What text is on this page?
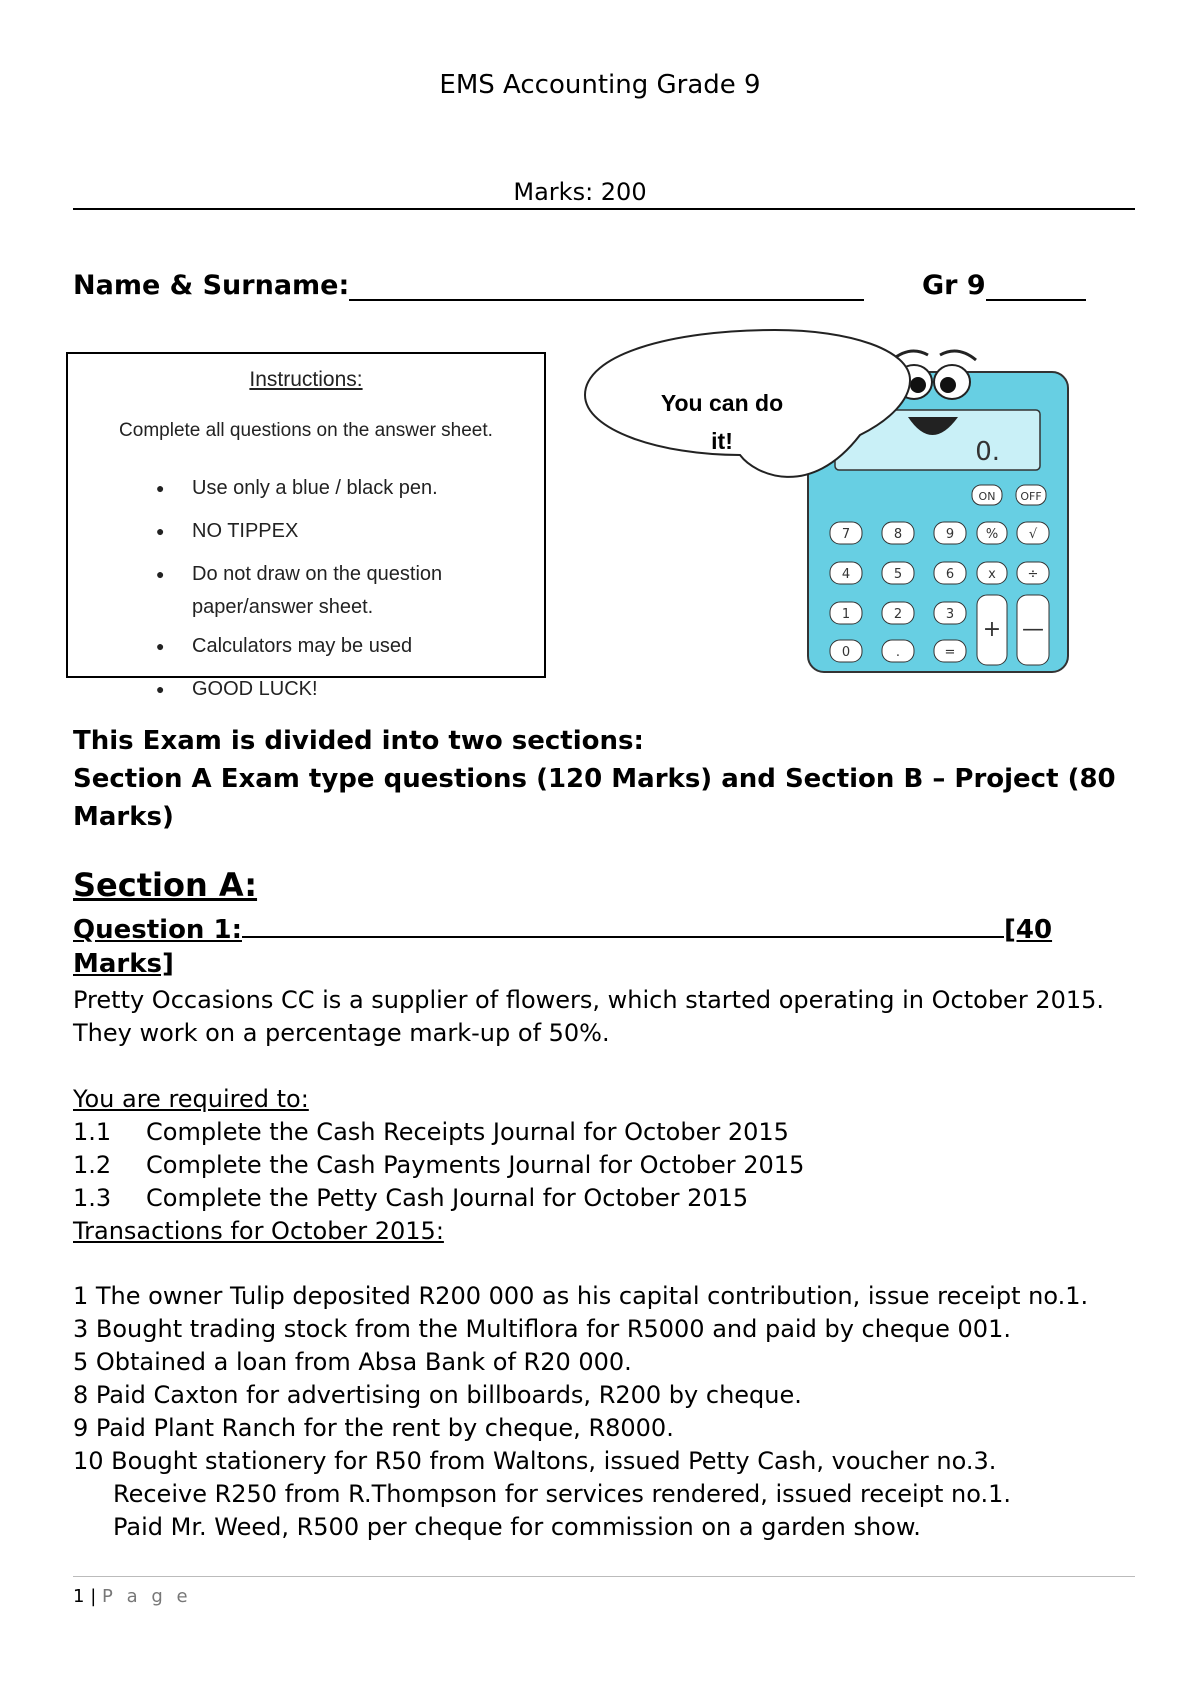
EMS Accounting Grade 9
Marks: 200
Name & Surname:	Gr 9
Instructions:
Complete all questions on the answer sheet.
● Use only a blue / black pen.
● NO TIPPEX
● Do not draw on the question paper/answer sheet.
● Calculators may be used
● GOOD LUCK!
0.
ON OFF
7	8	9 % √
4	5	6	x ÷
1	2	3
0	.	=
+ —
You can do it!
This Exam is divided into two sections:
Section A Exam type questions (120 Marks) and Section B – Project (80 Marks)
Section A:
Question 1:	[40 Marks]
Pretty Occasions CC is a supplier of flowers, which started operating in October 2015. They work on a percentage mark-up of 50%.
You are required to:
1.1 Complete the Cash Receipts Journal for October 2015
1.2 Complete the Cash Payments Journal for October 2015
1.3 Complete the Petty Cash Journal for October 2015
Transactions for October 2015:
1 The owner Tulip deposited R200 000 as his capital contribution, issue receipt no.1.
3 Bought trading stock from the Multiflora for R5000 and paid by cheque 001.
5 Obtained a loan from Absa Bank of R20 000.
8 Paid Caxton for advertising on billboards, R200 by cheque.
9 Paid Plant Ranch for the rent by cheque, R8000.
10 Bought stationery for R50 from Waltons, issued Petty Cash, voucher no.3.
Receive R250 from R.Thompson for services rendered, issued receipt no.1.
Paid Mr. Weed, R500 per cheque for commission on a garden show.
1 | P a g e
